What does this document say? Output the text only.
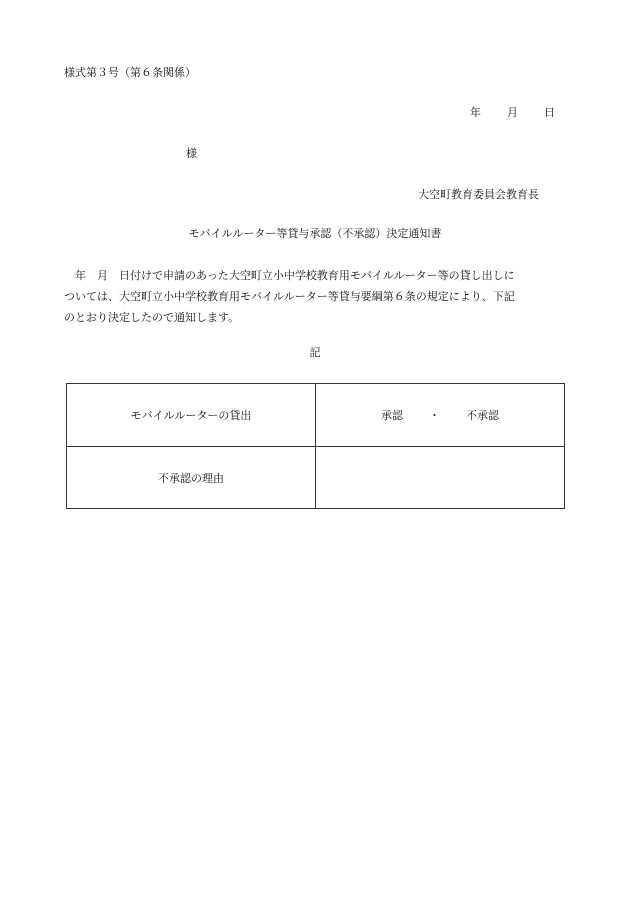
様式第３号（第６条関係）
年 月 日
様
大空町教育委員会教育長
モバイルルーター等貸与承認（不承認）決定通知書
　年　月　日付けで申請のあった大空町立小中学校教育用モバイルルーター等の貸し出しに
ついては、大空町立小中学校教育用モバイルルーター等貸与要綱第６条の規定により、下記
のとおり決定したので通知します。
記
モバイルルーターの貸出	承認 ・ 不承認
不承認の理由	
